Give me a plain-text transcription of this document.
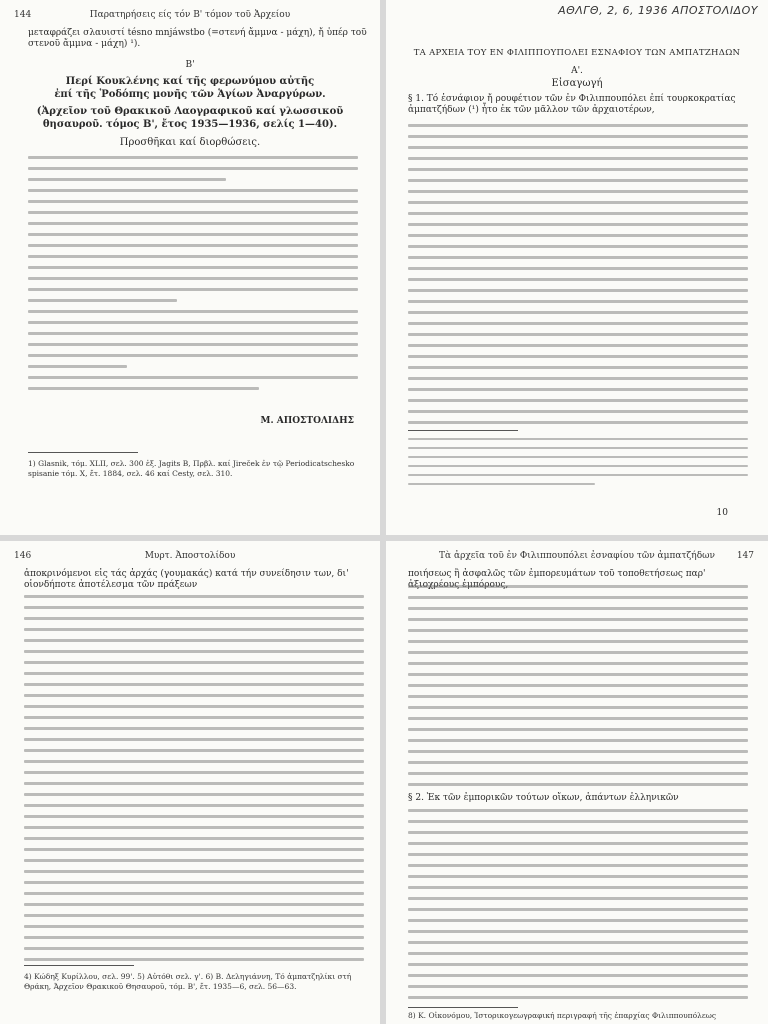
144	Παρατηρήσεις είς τόν Β' τόμον τοῦ Ἀρχείου
μεταφράζει σλαυιστί tésno mnjáwstbo (=στενή ἄμμνα - μάχη), ἤ ὑπέρ τοῦ στενοῦ ἄμμνα - μάχη) ¹).
Β'
Περί Κουκλένης καί τῆς φερωνύμου αὐτῆς
ἐπί τῆς Ῥοδόπης μονῆς τῶν Ἁγίων Ἀναργύρων.
(Ἀρχεῖον τοῦ Θρακικοῦ Λαογραφικοῦ καί γλωσσικοῦ
θησαυροῦ. τόμος Β', ἔτος 1935—1936, σελίς 1—40).
Προσθῆκαι καί διορθώσεις.
Μ. ΑΠΟΣΤΟΛΙΔΗΣ
1) Glasnik, τόμ. XLII, σελ. 300 ἑξ. Jagits B, Πρβλ. καί Jireček ἐν τῷ Periodicatschesko spisanie τόμ. X, ἔτ. 1884, σελ. 46 καί Cesty, σελ. 310.
ΑΘΛΓΘ, 2, 6, 1936 ΑΠΟΣΤΟΛΙΔΟΥ
ΤΑ ΑΡΧΕΙΑ ΤΟΥ ΕΝ ΦΙΛΙΠΠΟΥΠΟΛΕΙ ΕΣΝΑΦΙΟΥ ΤΩΝ ΑΜΠΑΤΖΗΔΩΝ
Α'.
Εἰσαγωγή
§ 1. Τό ἐσνάφιον ἤ ρουφέτιον τῶν ἐν Φιλιππουπόλει ἐπί τουρκοκρατίας ἀμπατζήδων (¹) ἦτο ἐκ τῶν μᾶλλον τῶν ἀρχαιοτέρων,
10
146	Μυρτ. Ἀποστολίδου
ἀποκρινόμενοι εἰς τάς ἀρχάς (γουμακάς) κατά τήν συνείδησιν των, δι' οἱονδήποτε ἀποτέλεσμα τῶν πράξεων
4) Κώδηξ Κυρίλλου, σελ. 99'. 5) Αὐτόθι σελ. γ'. 6) Β. Δεληγιάννη, Τό ἀμπατζηλίκι στή Θράκη, Ἀρχεῖον Θρακικοῦ Θησαυροῦ, τόμ. Β', ἔτ. 1935—6, σελ. 56—63.
147
Τὰ ἀρχεῖα τοῦ ἐν Φιλιππουπόλει ἐσναφίου τῶν ἀμπατζήδων
ποιήσεως ἢ ἀσφαλῶς τῶν ἐμπορευμάτων τοῦ τοποθετήσεως παρ' ἀξιοχρέους ἐμπόρους,
§ 2. Ἐκ τῶν ἐμπορικῶν τούτων οἴκων, ἁπάντων ἑλληνικῶν
8) Κ. Οἰκονόμου, Ἱστορικογεωγραφική περιγραφή τῆς ἐπαρχίας Φιλιππουπόλεως
